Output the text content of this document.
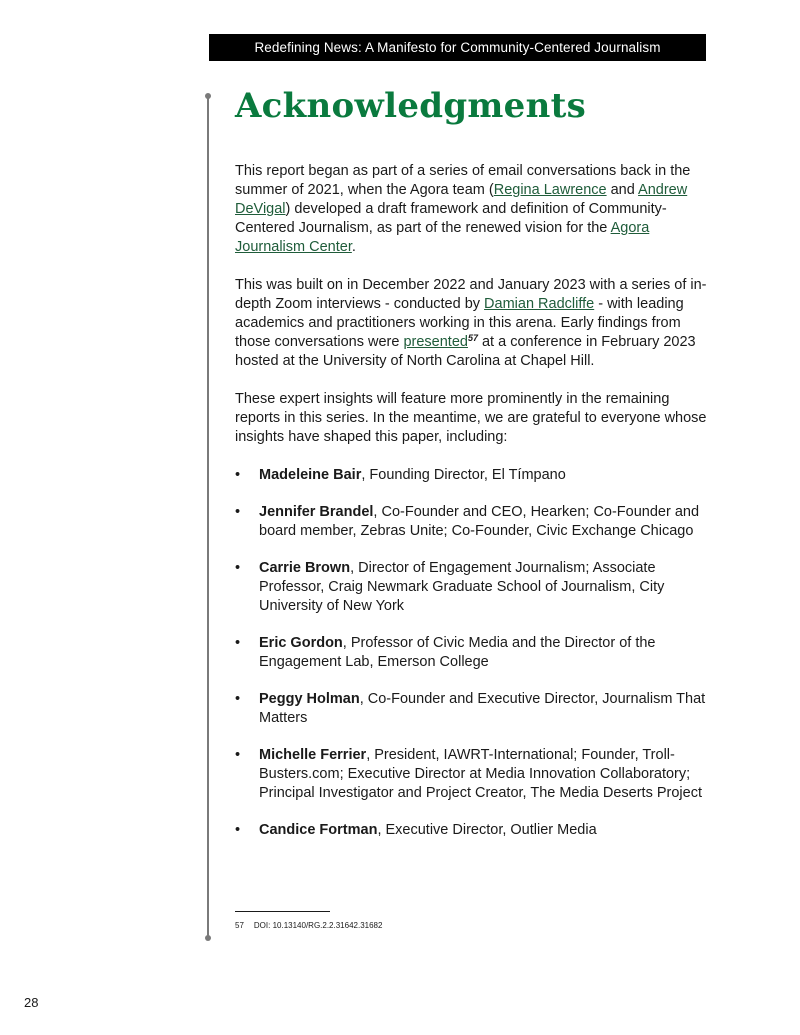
Redefining News: A Manifesto for Community-Centered Journalism
Acknowledgments

This report began as part of a series of email conversations back in the summer of 2021, when the Agora team (Regina Lawrence and Andrew DeVigal) developed a draft framework and definition of Community-Centered Journalism, as part of the renewed vision for the Agora Journalism Center.

This was built on in December 2022 and January 2023 with a series of in-depth Zoom interviews - conducted by Damian Radcliffe - with leading academics and practitioners working in this arena. Early findings from those conversations were presented$^{57}$ at a conference in February 2023 hosted at the University of North Carolina at Chapel Hill.

These expert insights will feature more prominently in the remaining reports in this series. In the meantime, we are grateful to everyone whose insights have shaped this paper, including:

• Madeleine Bair, Founding Director, El Tímpano
• Jennifer Brandel, Co-Founder and CEO, Hearken; Co-Founder and board member, Zebras Unite; Co-Founder, Civic Exchange Chicago
• Carrie Brown, Director of Engagement Journalism; Associate Professor, Craig Newmark Graduate School of Journalism, City University of New York
• Eric Gordon, Professor of Civic Media and the Director of the Engagement Lab, Emerson College
• Peggy Holman, Co-Founder and Executive Director, Journalism That Matters
• Michelle Ferrier, President, IAWRT-International; Founder, Troll-Busters.com; Executive Director at Media Innovation Collaboratory; Principal Investigator and Project Creator, The Media Deserts Project
• Candice Fortman, Executive Director, Outlier Media
57 DOI: 10.13140/RG.2.2.31642.31682
28
